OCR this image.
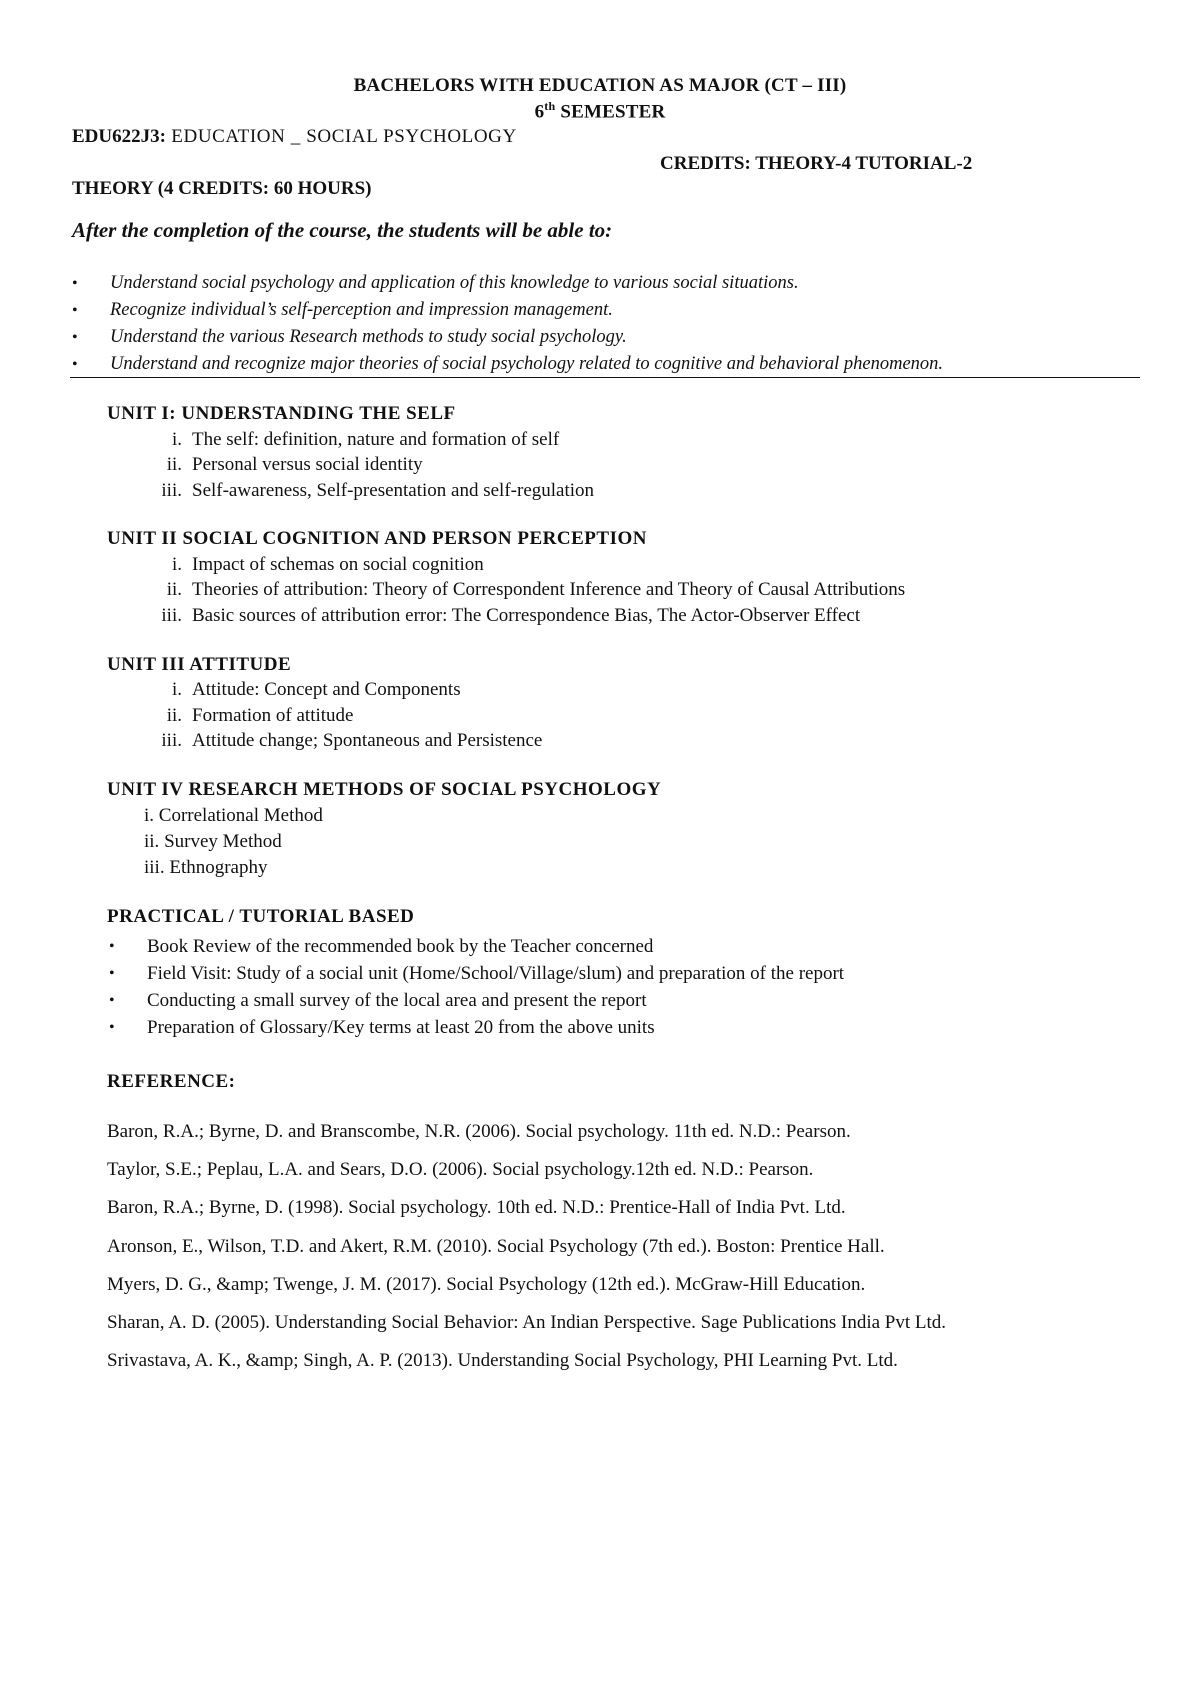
BACHELORS WITH EDUCATION AS MAJOR (CT – III)
6th SEMESTER
EDU622J3: EDUCATION _ SOCIAL PSYCHOLOGY
CREDITS: THEORY-4 TUTORIAL-2
THEORY (4 CREDITS: 60 HOURS)
After the completion of the course, the students will be able to:
• Understand social psychology and application of this knowledge to various social situations.
• Recognize individual’s self-perception and impression management.
• Understand the various Research methods to study social psychology.
• Understand and recognize major theories of social psychology related to cognitive and behavioral phenomenon.
UNIT I: UNDERSTANDING THE SELF
i. The self: definition, nature and formation of self
ii. Personal versus social identity
iii. Self-awareness, Self-presentation and self-regulation
UNIT II SOCIAL COGNITION AND PERSON PERCEPTION
i. Impact of schemas on social cognition
ii. Theories of attribution: Theory of Correspondent Inference and Theory of Causal Attributions
iii. Basic sources of attribution error: The Correspondence Bias, The Actor-Observer Effect
UNIT III ATTITUDE
i. Attitude: Concept and Components
ii. Formation of attitude
iii. Attitude change; Spontaneous and Persistence
UNIT IV RESEARCH METHODS OF SOCIAL PSYCHOLOGY
i. Correlational Method
ii. Survey Method
iii. Ethnography
PRACTICAL / TUTORIAL BASED
• Book Review of the recommended book by the Teacher concerned
• Field Visit: Study of a social unit (Home/School/Village/slum) and preparation of the report
• Conducting a small survey of the local area and present the report
• Preparation of Glossary/Key terms at least 20 from the above units
REFERENCE:
Baron, R.A.; Byrne, D. and Branscombe, N.R. (2006). Social psychology. 11th ed. N.D.: Pearson.
Taylor, S.E.; Peplau, L.A. and Sears, D.O. (2006). Social psychology.12th ed. N.D.: Pearson.
Baron, R.A.; Byrne, D. (1998). Social psychology. 10th ed. N.D.: Prentice-Hall of India Pvt. Ltd.
Aronson, E., Wilson, T.D. and Akert, R.M. (2010). Social Psychology (7th ed.). Boston: Prentice Hall.
Myers, D. G., &amp; Twenge, J. M. (2017). Social Psychology (12th ed.). McGraw-Hill Education.
Sharan, A. D. (2005). Understanding Social Behavior: An Indian Perspective. Sage Publications India Pvt Ltd.
Srivastava, A. K., &amp; Singh, A. P. (2013). Understanding Social Psychology, PHI Learning Pvt. Ltd.
